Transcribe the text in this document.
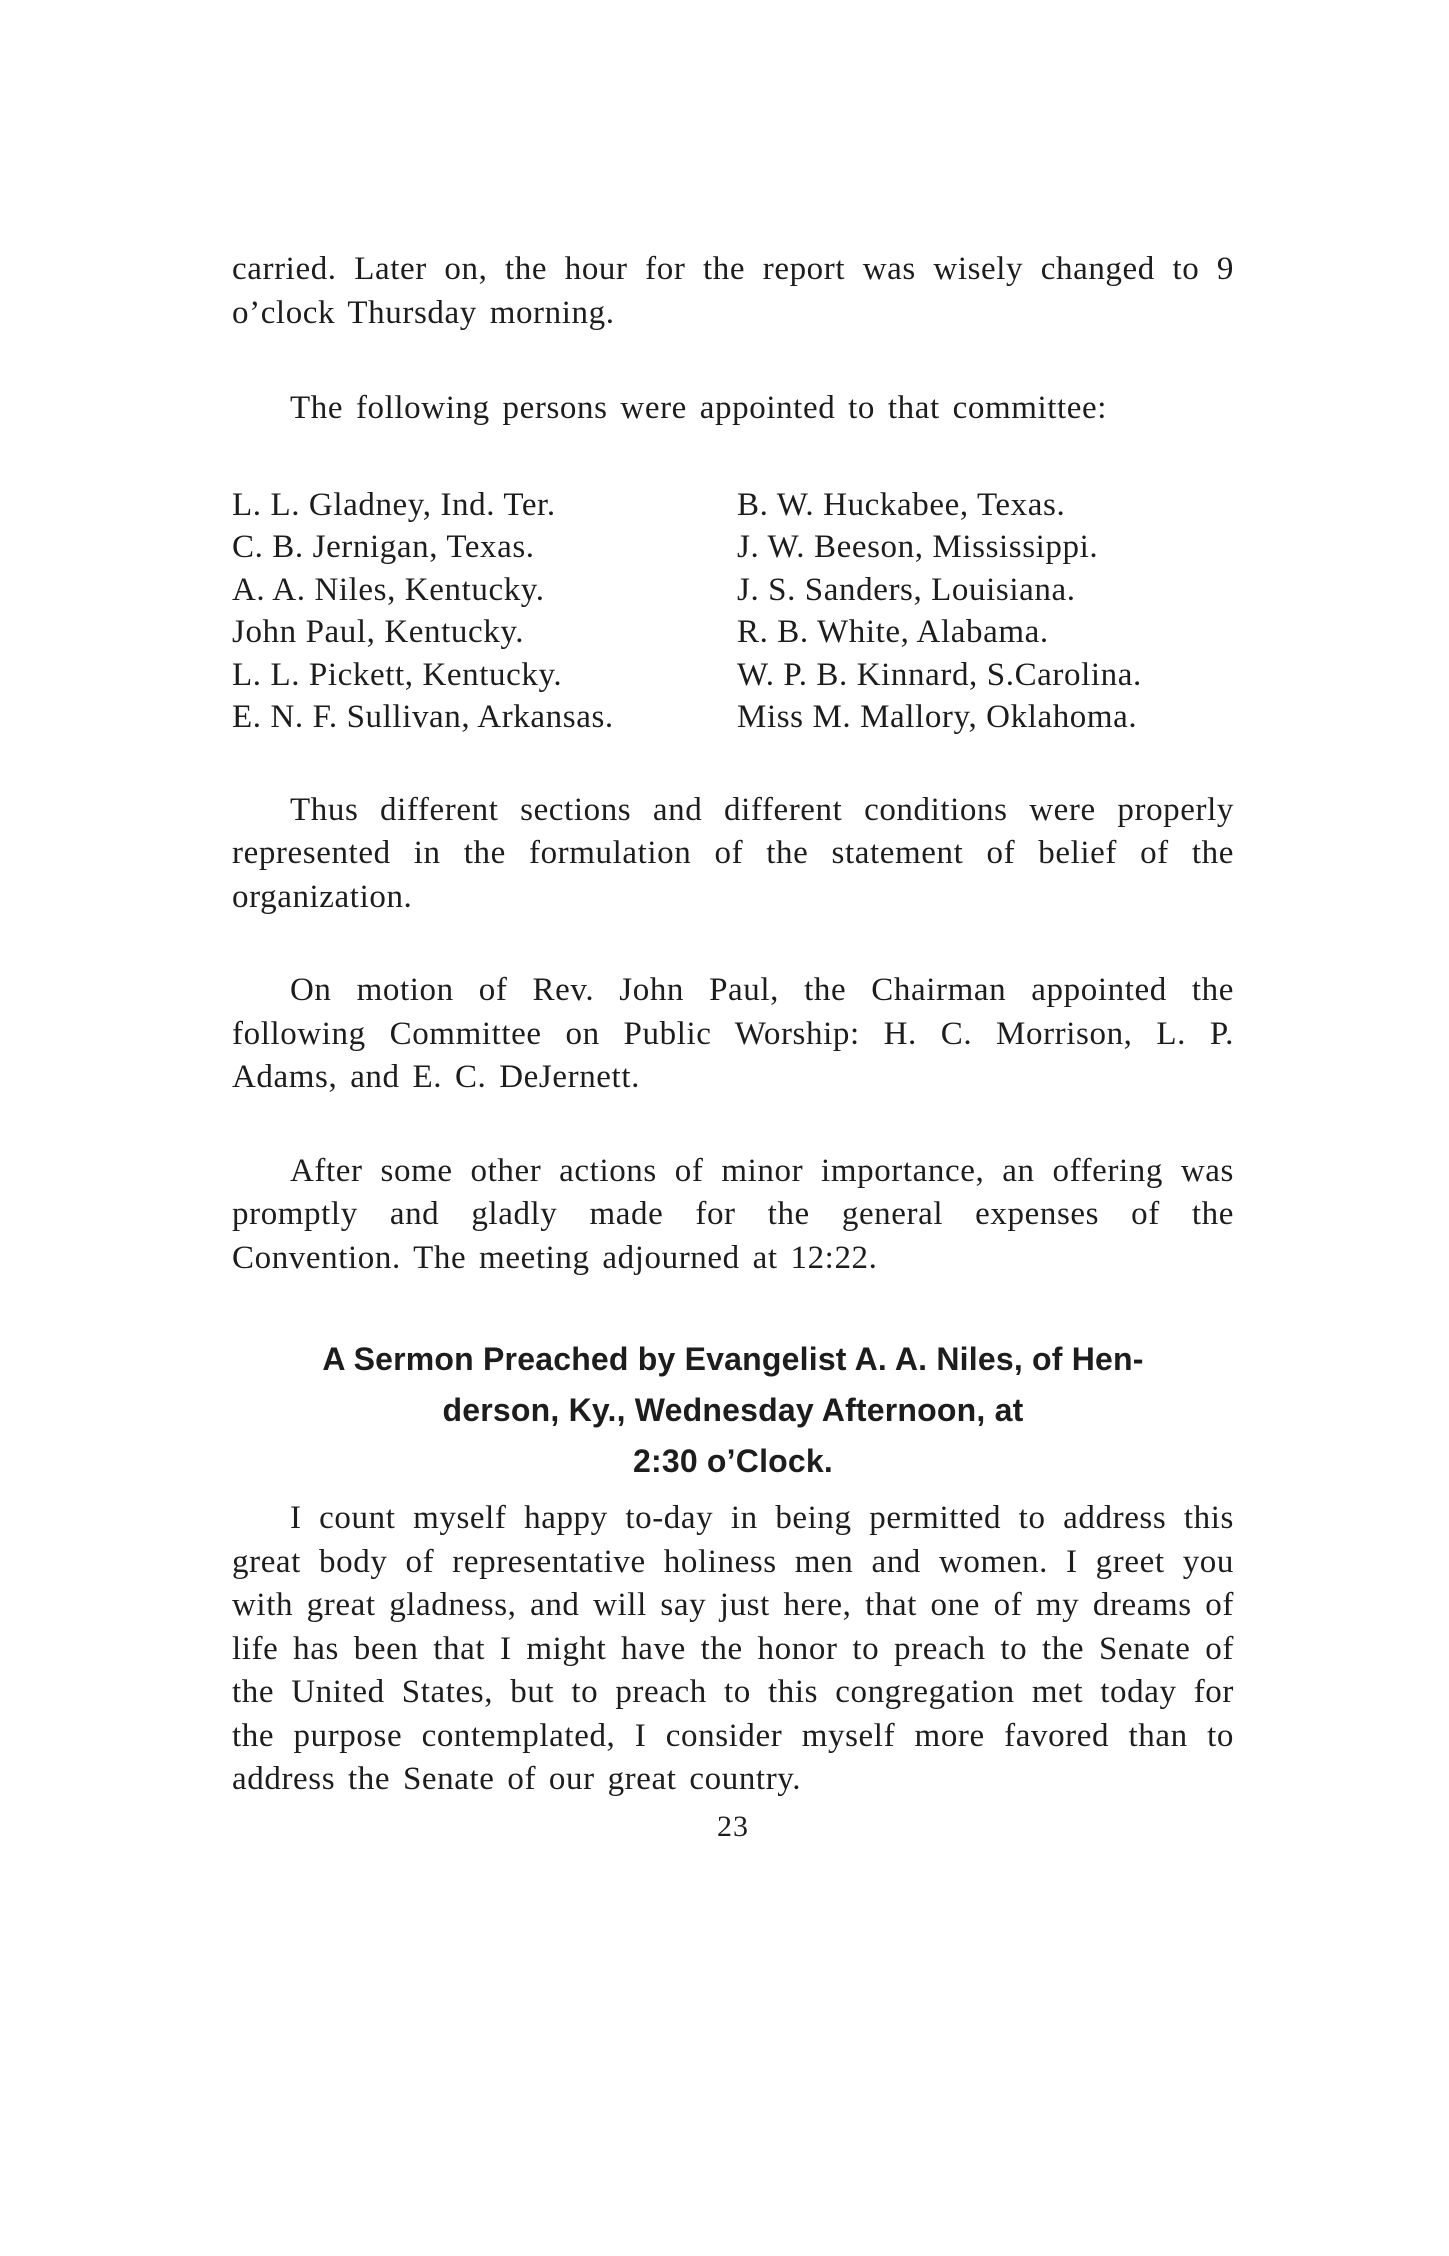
carried. Later on, the hour for the report was wisely changed to 9 o’clock Thursday morning.

The following persons were appointed to that committee:

L. L. Gladney, Ind. Ter.	B. W. Huckabee, Texas.
C. B. Jernigan, Texas.	J. W. Beeson, Mississippi.
A. A. Niles, Kentucky.	J. S. Sanders, Louisiana.
John Paul, Kentucky.	R. B. White, Alabama.
L. L. Pickett, Kentucky.	W. P. B. Kinnard, S.Carolina.
E. N. F. Sullivan, Arkansas.	Miss M. Mallory, Oklahoma.

Thus different sections and different conditions were properly represented in the formulation of the statement of belief of the organization.

On motion of Rev. John Paul, the Chairman appointed the following Committee on Public Worship: H. C. Morrison, L. P. Adams, and E. C. DeJernett.

After some other actions of minor importance, an offering was promptly and gladly made for the general expenses of the Convention. The meeting adjourned at 12:22.

A Sermon Preached by Evangelist A. A. Niles, of Hen-
derson, Ky., Wednesday Afternoon, at
2:30 o’Clock.

I count myself happy to-day in being permitted to address this great body of representative holiness men and women. I greet you with great gladness, and will say just here, that one of my dreams of life has been that I might have the honor to preach to the Senate of the United States, but to preach to this congregation met today for the purpose contemplated, I consider myself more favored than to address the Senate of our great country.

23
